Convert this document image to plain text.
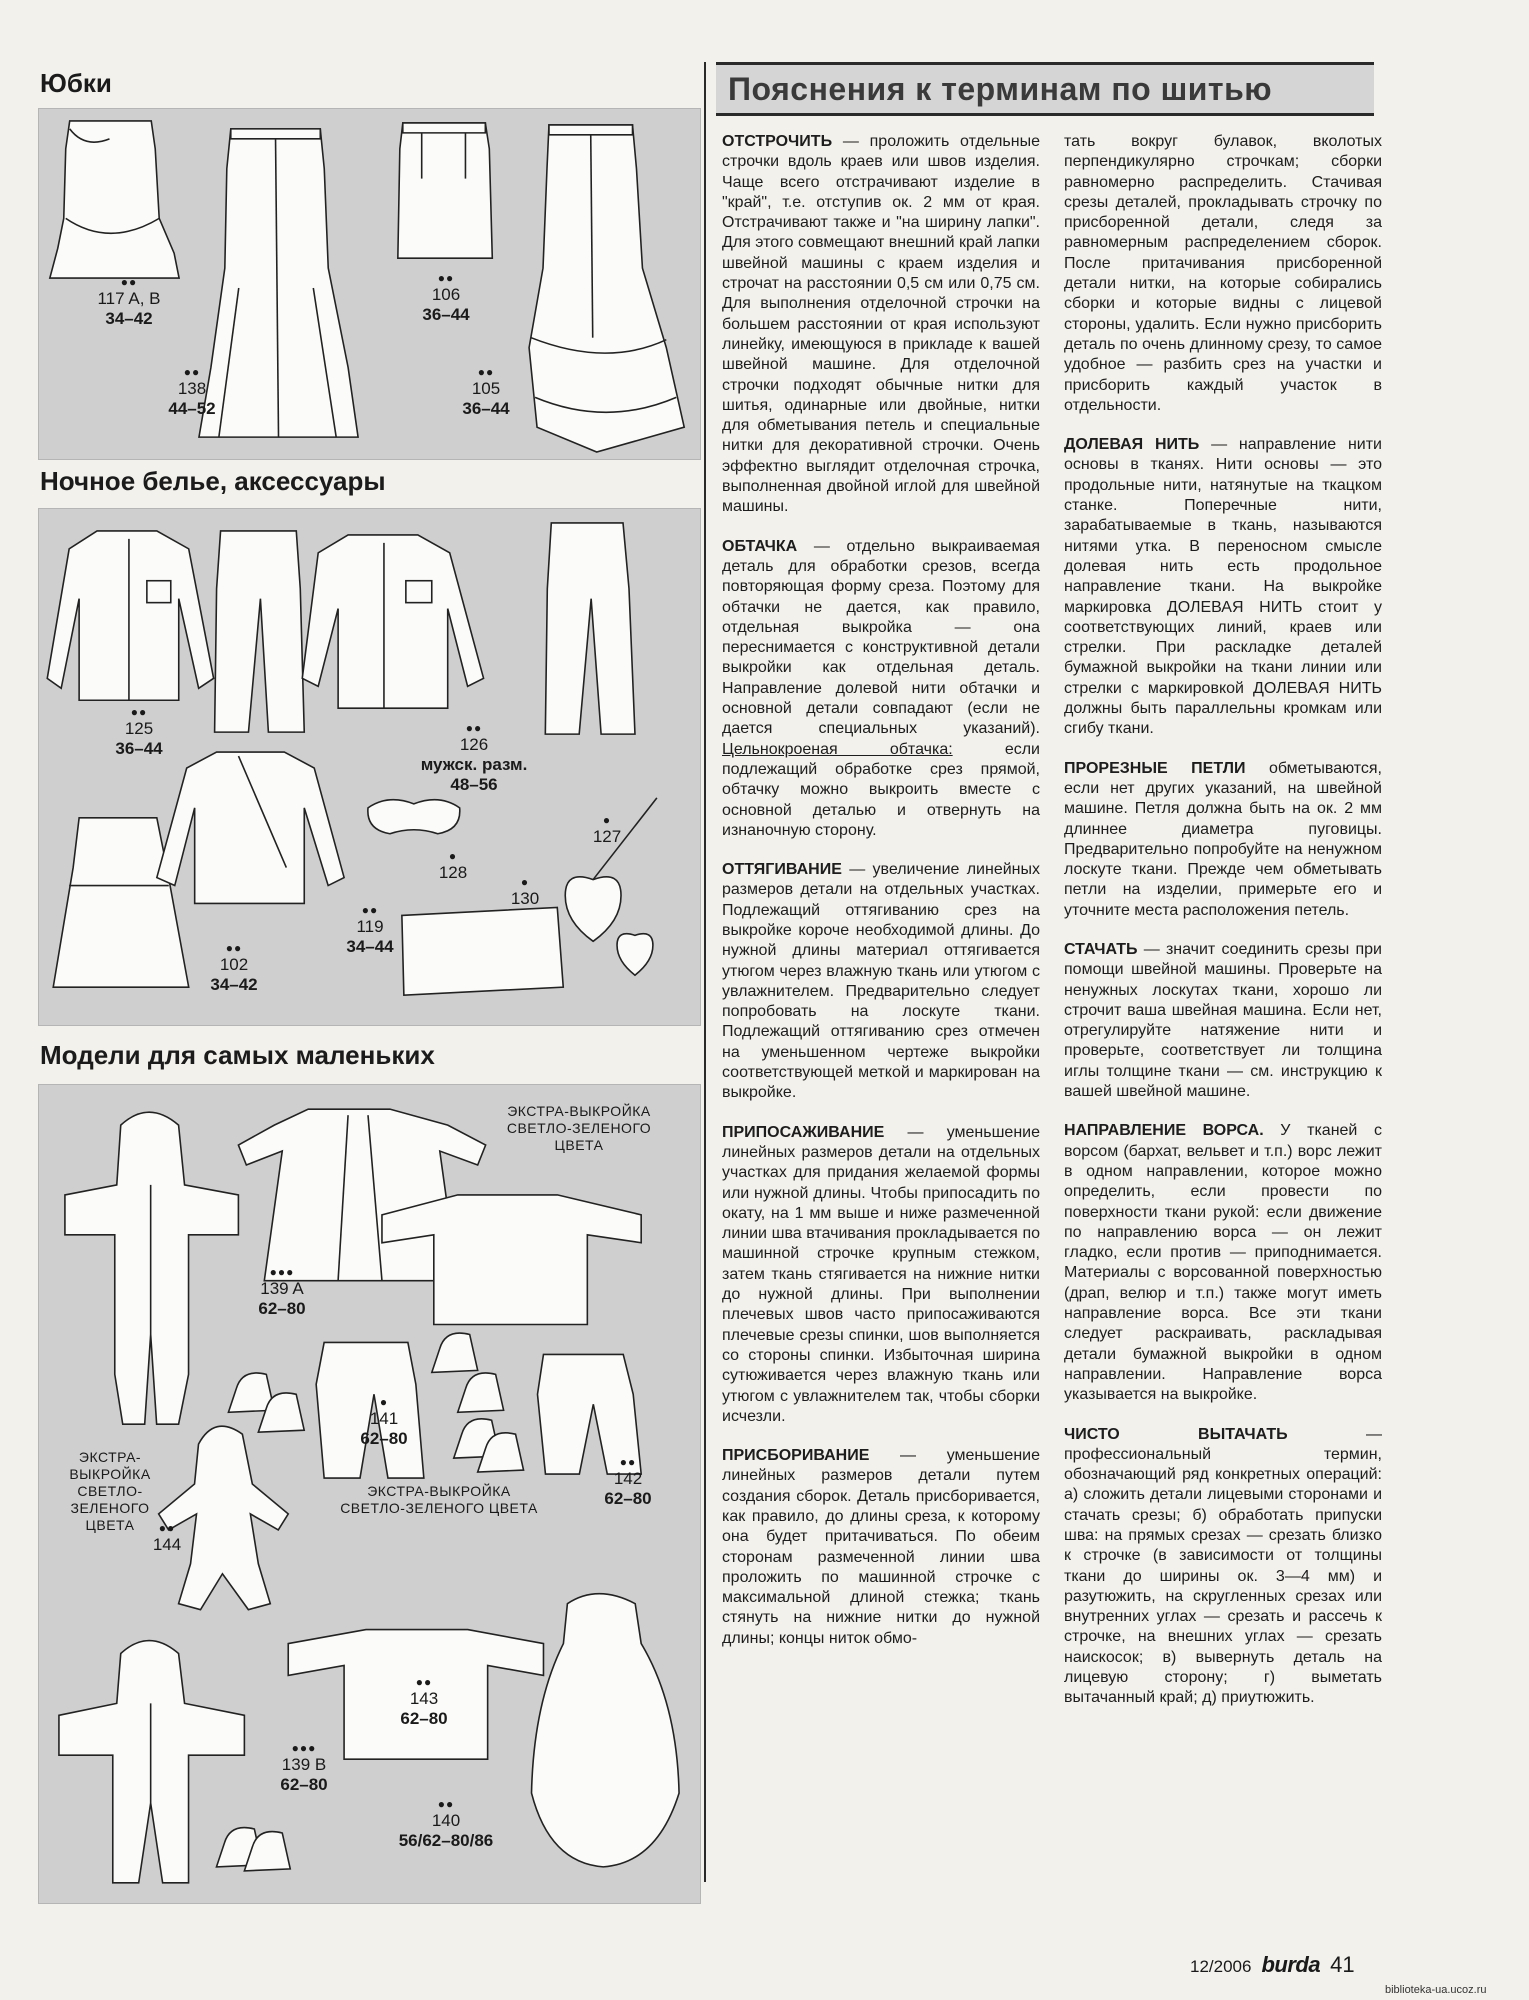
Юбки
●●
117 A, B
34–42
●●
138
44–52
●●
106
36–44
●●
105
36–44
Ночное белье, аксессуары
●●
125
36–44
●●
126
мужск. разм.
48–56
●
127
●
128	●
130
●●
119
34–44
●●
102
34–42
Модели для самых маленьких
ЭКСТРА-ВЫКРОЙКА
СВЕТЛО-ЗЕЛЕНОГО
ЦВЕТА
ЭКСТРА-
ВЫКРОЙКА
СВЕТЛО-
ЗЕЛЕНОГО
ЦВЕТА
ЭКСТРА-ВЫКРОЙКА
СВЕТЛО-ЗЕЛЕНОГО ЦВЕТА
●●●
139 A
62–80
●
141
62–80
●●
142
62–80
●●
144
●●
143
62–80
●●●
139 B
62–80
●●
140
56/62–80/86
Пояснения к терминам по шитью

ОТСТРОЧИТЬ — проложить отдельные строчки вдоль краев или швов изделия. Чаще всего отстрачивают изделие в "край", т.е. отступив ок. 2 мм от края. Отстрачивают также и "на ширину лапки". Для этого совмещают внешний край лапки швейной машины с краем изделия и строчат на расстоянии 0,5 см или 0,75 см. Для выполнения отделочной строчки на большем расстоянии от края используют линейку, имеющуюся в прикладе к вашей швейной машине. Для отделочной строчки подходят обычные нитки для шитья, одинарные или двойные, нитки для обметывания петель и специальные нитки для декоративной строчки. Очень эффектно выглядит отделочная строчка, выполненная двойной иглой для швейной машины.

ОБТАЧКА — отдельно выкраиваемая деталь для обработки срезов, всегда повторяющая форму среза. Поэтому для обтачки не дается, как правило, отдельная выкройка — она переснимается с конструктивной детали выкройки как отдельная деталь. Направление долевой нити обтачки и основной детали совпадают (если не дается специальных указаний). Цельнокроеная обтачка: если подлежащий обработке срез прямой, обтачку можно выкроить вместе с основной деталью и отвернуть на изнаночную сторону.

ОТТЯГИВАНИЕ — увеличение линейных размеров детали на отдельных участках. Подлежащий оттягиванию срез на выкройке короче необходимой длины. До нужной длины материал оттягивается утюгом через влажную ткань или утюгом с увлажнителем. Предварительно следует попробовать на лоскуте ткани. Подлежащий оттягиванию срез отмечен на уменьшенном чертеже выкройки соответствующей меткой и маркирован на выкройке.

ПРИПОСАЖИВАНИЕ — уменьшение линейных размеров детали на отдельных участках для придания желаемой формы или нужной длины. Чтобы припосадить по окату, на 1 мм выше и ниже размеченной линии шва втачивания прокладывается по машинной строчке крупным стежком, затем ткань стягивается на нижние нитки до нужной длины. При выполнении плечевых швов часто припосаживаются плечевые срезы спинки, шов выполняется со стороны спинки. Избыточная ширина сутюживается через влажную ткань или утюгом с увлажнителем так, чтобы сборки исчезли.

ПРИСБОРИВАНИЕ — уменьшение линейных размеров детали путем создания сборок. Деталь присборивается, как правило, до длины среза, к которому она будет притачиваться. По обеим сторонам размеченной линии шва проложить по машинной строчке с максимальной длиной стежка; ткань стянуть на нижние нитки до нужной длины; концы ниток обмо-

тать вокруг булавок, вколотых перпендикулярно строчкам; сборки равномерно распределить. Стачивая срезы деталей, прокладывать строчку по присборенной детали, следя за равномерным распределением сборок. После притачивания присборенной детали нитки, на которые собирались сборки и которые видны с лицевой стороны, удалить. Если нужно присборить деталь по очень длинному срезу, то самое удобное — разбить срез на участки и присборить каждый участок в отдельности.

ДОЛЕВАЯ НИТЬ — направление нити основы в тканях. Нити основы — это продольные нити, натянутые на ткацком станке. Поперечные нити, зарабатываемые в ткань, называются нитями утка. В переносном смысле долевая нить есть продольное направление ткани. На выкройке маркировка ДОЛЕВАЯ НИТЬ стоит у соответствующих линий, краев или стрелки. При раскладке деталей бумажной выкройки на ткани линии или стрелки с маркировкой ДОЛЕВАЯ НИТЬ должны быть параллельны кромкам или сгибу ткани.

ПРОРЕЗНЫЕ ПЕТЛИ обметываются, если нет других указаний, на швейной машине. Петля должна быть на ок. 2 мм длиннее диаметра пуговицы. Предварительно попробуйте на ненужном лоскуте ткани. Прежде чем обметывать петли на изделии, примерьте его и уточните места расположения петель.

СТАЧАТЬ — значит соединить срезы при помощи швейной машины. Проверьте на ненужных лоскутах ткани, хорошо ли строчит ваша швейная машина. Если нет, отрегулируйте натяжение нити и проверьте, соответствует ли толщина иглы толщине ткани — см. инструкцию к вашей швейной машине.

НАПРАВЛЕНИЕ ВОРСА. У тканей с ворсом (бархат, вельвет и т.п.) ворс лежит в одном направлении, которое можно определить, если провести по поверхности ткани рукой: если движение по направлению ворса — он лежит гладко, если против — приподнимается. Материалы с ворсованной поверхностью (драп, велюр и т.п.) также могут иметь направление ворса. Все эти ткани следует раскраивать, раскладывая детали бумажной выкройки в одном направлении. Направление ворса указывается на выкройке.

ЧИСТО ВЫТАЧАТЬ — профессиональный термин, обозначающий ряд конкретных операций: а) сложить детали лицевыми сторонами и стачать срезы; б) обработать припуски шва: на прямых срезах — срезать близко к строчке (в зависимости от толщины ткани до ширины ок. 3—4 мм) и разутюжить, на скругленных срезах или внутренних углах — срезать и рассечь к строчке, на внешних углах — срезать наискосок; в) вывернуть деталь на лицевую сторону; г) выметать вытачанный край; д) приутюжить.

12/2006 burda 41
biblioteka-ua.ucoz.ru
